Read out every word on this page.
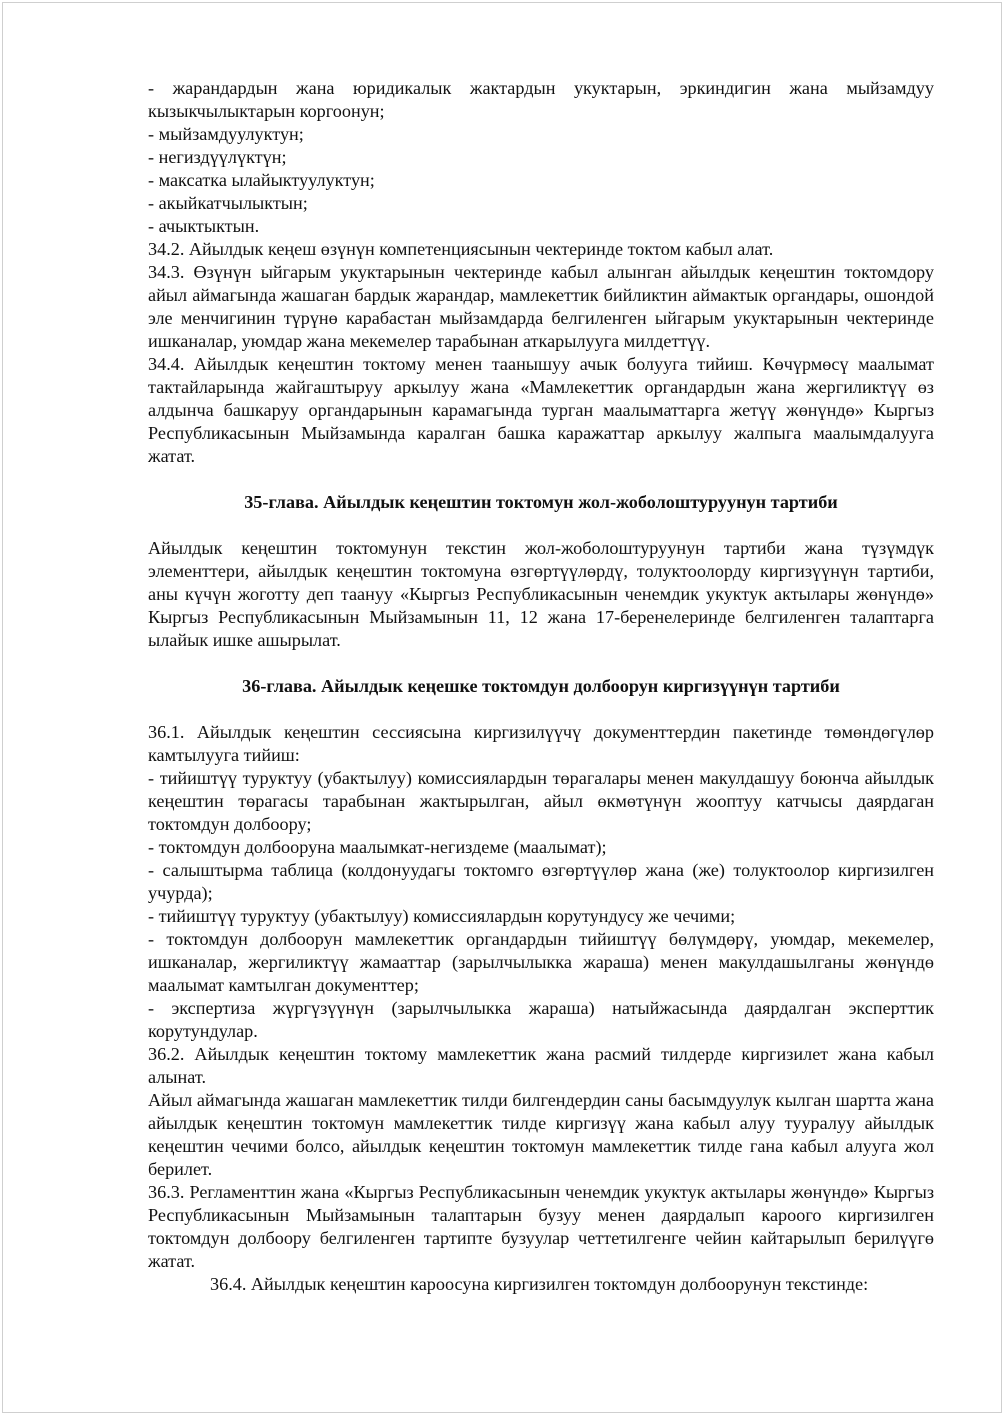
- жарандардын жана юридикалык жактардын укуктарын, эркиндигин жана мыйзамдуу кызыкчылыктарын коргоонун;

- мыйзамдуулуктун;

- негиздүүлүктүн;

- максатка ылайыктуулуктун;

- акыйкатчылыктын;

- ачыктыктын.

34.2. Айылдык кеңеш өзүнүн компетенциясынын чектеринде токтом кабыл алат.

34.3. Өзүнүн ыйгарым укуктарынын чектеринде кабыл алынган айылдык кеңештин токтомдору айыл аймагында жашаган бардык жарандар, мамлекеттик бийликтин аймактык органдары, ошондой эле менчигинин түрүнө карабастан мыйзамдарда белгиленген ыйгарым укуктарынын чектеринде ишканалар, уюмдар жана мекемелер тарабынан аткарылууга милдеттүү.

34.4. Айылдык кеңештин токтому менен таанышуу ачык болууга тийиш. Көчүрмөсү маалымат тактайларында жайгаштыруу аркылуу жана «Мамлекеттик органдардын жана жергиликтүү өз алдынча башкаруу органдарынын карамагында турган маалыматтарга жетүү жөнүндө» Кыргыз Республикасынын Мыйзамында каралган башка каражаттар аркылуу жалпыга маалымдалууга жатат.

35-глава. Айылдык кеңештин токтомун жол-жоболоштуруунун тартиби

Айылдык кеңештин токтомунун текстин жол-жоболоштуруунун тартиби жана түзүмдүк элементтери, айылдык кеңештин токтомуна өзгөртүүлөрдү, толуктоолорду киргизүүнүн тартиби, аны күчүн жоготту деп таануу «Кыргыз Республикасынын ченемдик укуктук актылары жөнүндө» Кыргыз Республикасынын Мыйзамынын 11, 12 жана 17-беренелеринде белгиленген талаптарга ылайык ишке ашырылат.

36-глава. Айылдык кеңешке токтомдун долбоорун киргизүүнүн тартиби

36.1. Айылдык кеңештин сессиясына киргизилүүчү документтердин пакетинде төмөндөгүлөр камтылууга тийиш:

- тийиштүү туруктуу (убактылуу) комиссиялардын төрагалары менен макулдашуу боюнча айылдык кеңештин төрагасы тарабынан жактырылган, айыл өкмөтүнүн жооптуу катчысы даярдаган токтомдун долбоору;

- токтомдун долбооруна маалымкат-негиздеме (маалымат);

- салыштырма таблица (колдонуудагы токтомго өзгөртүүлөр жана (же) толуктоолор киргизилген учурда);

- тийиштүү туруктуу (убактылуу) комиссиялардын корутундусу же чечими;

- токтомдун долбоорун мамлекеттик органдардын тийиштүү бөлүмдөрү, уюмдар, мекемелер, ишканалар, жергиликтүү жамааттар (зарылчылыкка жараша) менен макулдашылганы жөнүндө маалымат камтылган документтер;

- экспертиза жүргүзүүнүн (зарылчылыкка жараша) натыйжасында даярдалган эксперттик корутундулар.

36.2. Айылдык кеңештин токтому мамлекеттик жана расмий тилдерде киргизилет жана кабыл алынат.

Айыл аймагында жашаган мамлекеттик тилди билгендердин саны басымдуулук кылган шартта жана айылдык кеңештин токтомун мамлекеттик тилде киргизүү жана кабыл алуу тууралуу айылдык кеңештин чечими болсо, айылдык кеңештин токтомун мамлекеттик тилде гана кабыл алууга жол берилет.

36.3. Регламенттин жана «Кыргыз Республикасынын ченемдик укуктук актылары жөнүндө» Кыргыз Республикасынын Мыйзамынын талаптарын бузуу менен даярдалып кароого киргизилген токтомдун долбоору белгиленген тартипте бузуулар четтетилгенге чейин кайтарылып берилүүгө жатат.

36.4. Айылдык кеңештин кароосуна киргизилген токтомдун долбоорунун текстинде:
